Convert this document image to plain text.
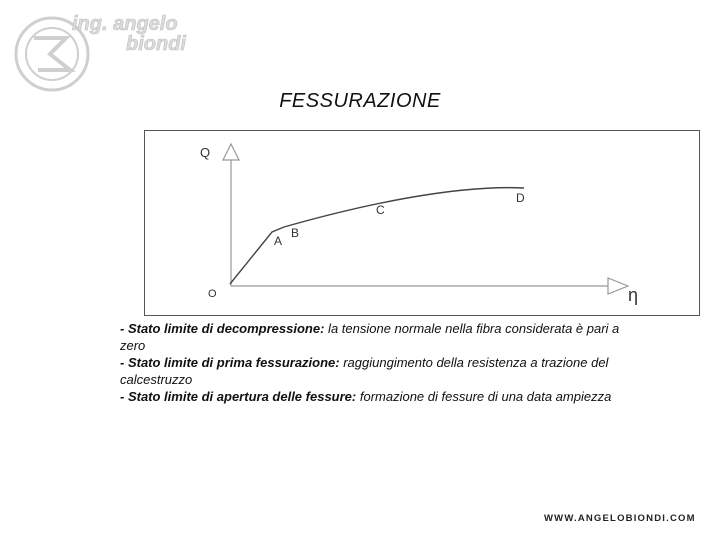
ing. angelo
biondi
FESSURAZIONE
Q
η
O
A
B
C
D

- Stato limite di decompressione: la tensione normale nella fibra considerata è pari a zero

- Stato limite di prima fessurazione: raggiungimento della resistenza a trazione del calcestruzzo

- Stato limite di apertura delle fessure: formazione di fessure di una data ampiezza

WWW.ANGELOBIONDI.COM
